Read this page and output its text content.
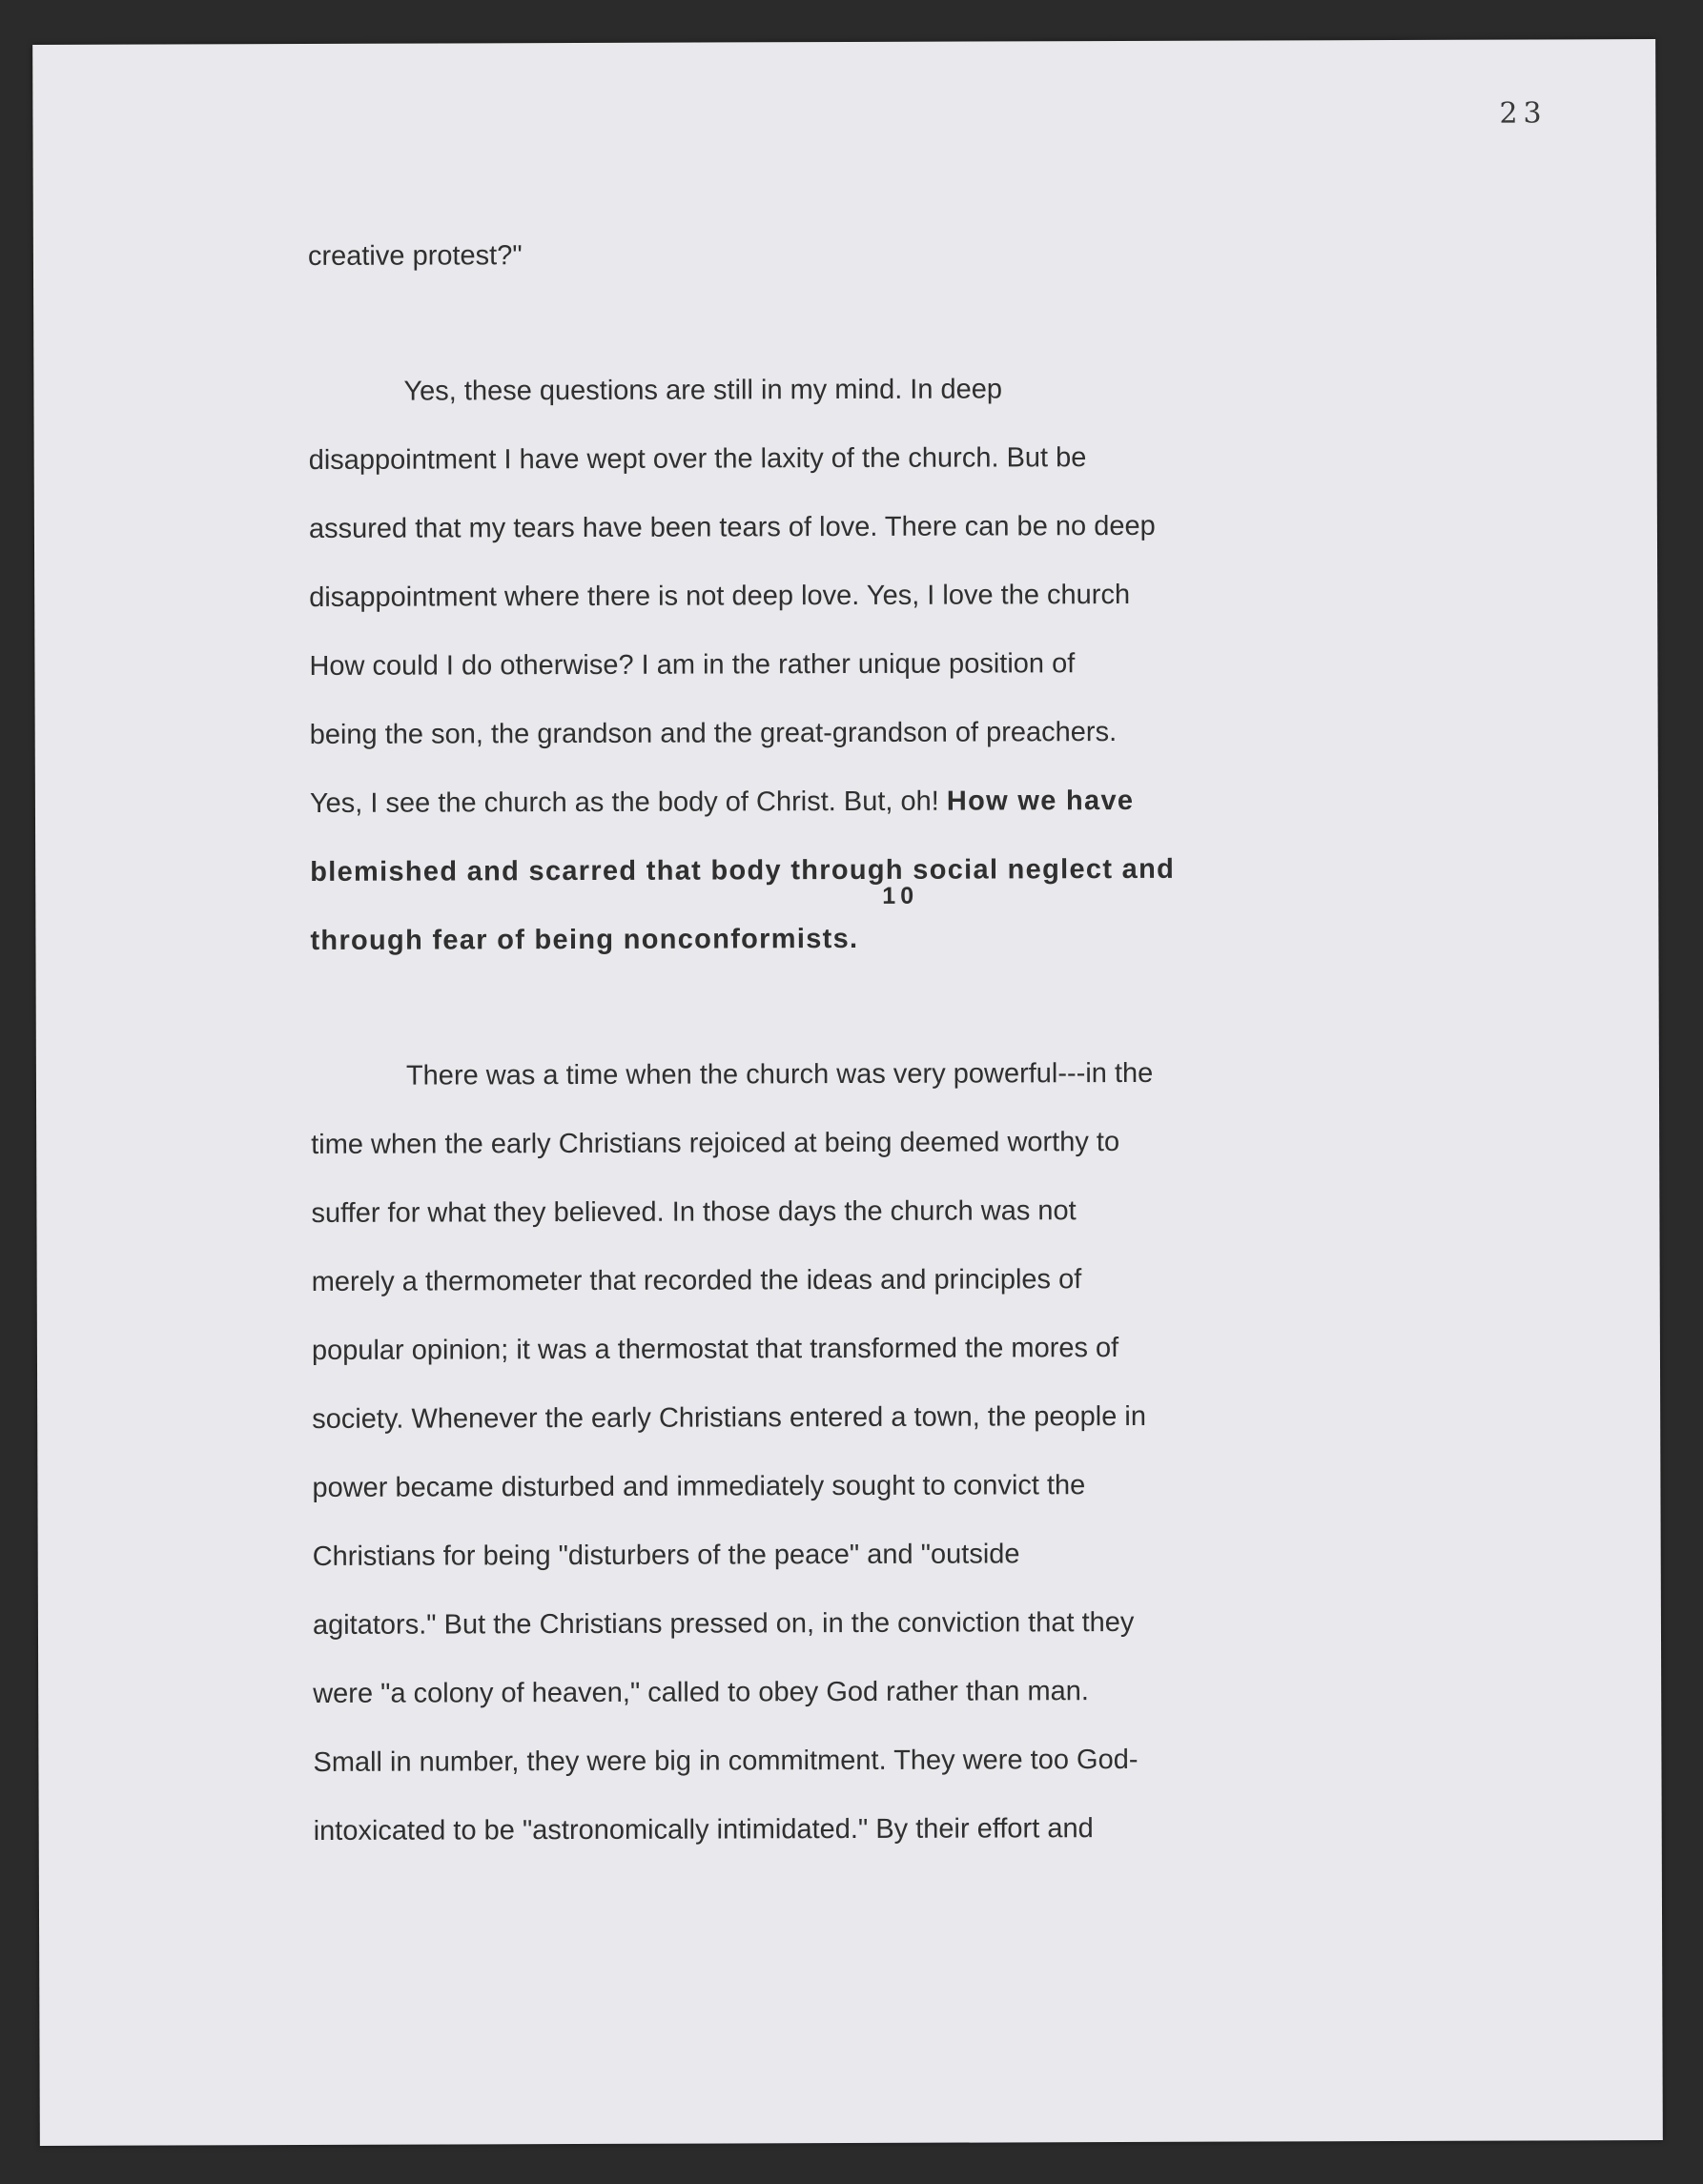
23
creative protest?"
Yes, these questions are still in my mind. In deep
disappointment I have wept over the laxity of the church. But be
assured that my tears have been tears of love. There can be no deep
disappointment where there is not deep love. Yes, I love the church
How could I do otherwise? I am in the rather unique position of
being the son, the grandson and the great-grandson of preachers.
Yes, I see the church as the body of Christ. But, oh! How we have
blemished and scarred that body through social neglect and
10
through fear of being nonconformists.
There was a time when the church was very powerful---in the
time when the early Christians rejoiced at being deemed worthy to
suffer for what they believed. In those days the church was not
merely a thermometer that recorded the ideas and principles of
popular opinion; it was a thermostat that transformed the mores of
society. Whenever the early Christians entered a town, the people in
power became disturbed and immediately sought to convict the
Christians for being "disturbers of the peace" and "outside
agitators." But the Christians pressed on, in the conviction that they
were "a colony of heaven," called to obey God rather than man.
Small in number, they were big in commitment. They were too God-
intoxicated to be "astronomically intimidated." By their effort and
